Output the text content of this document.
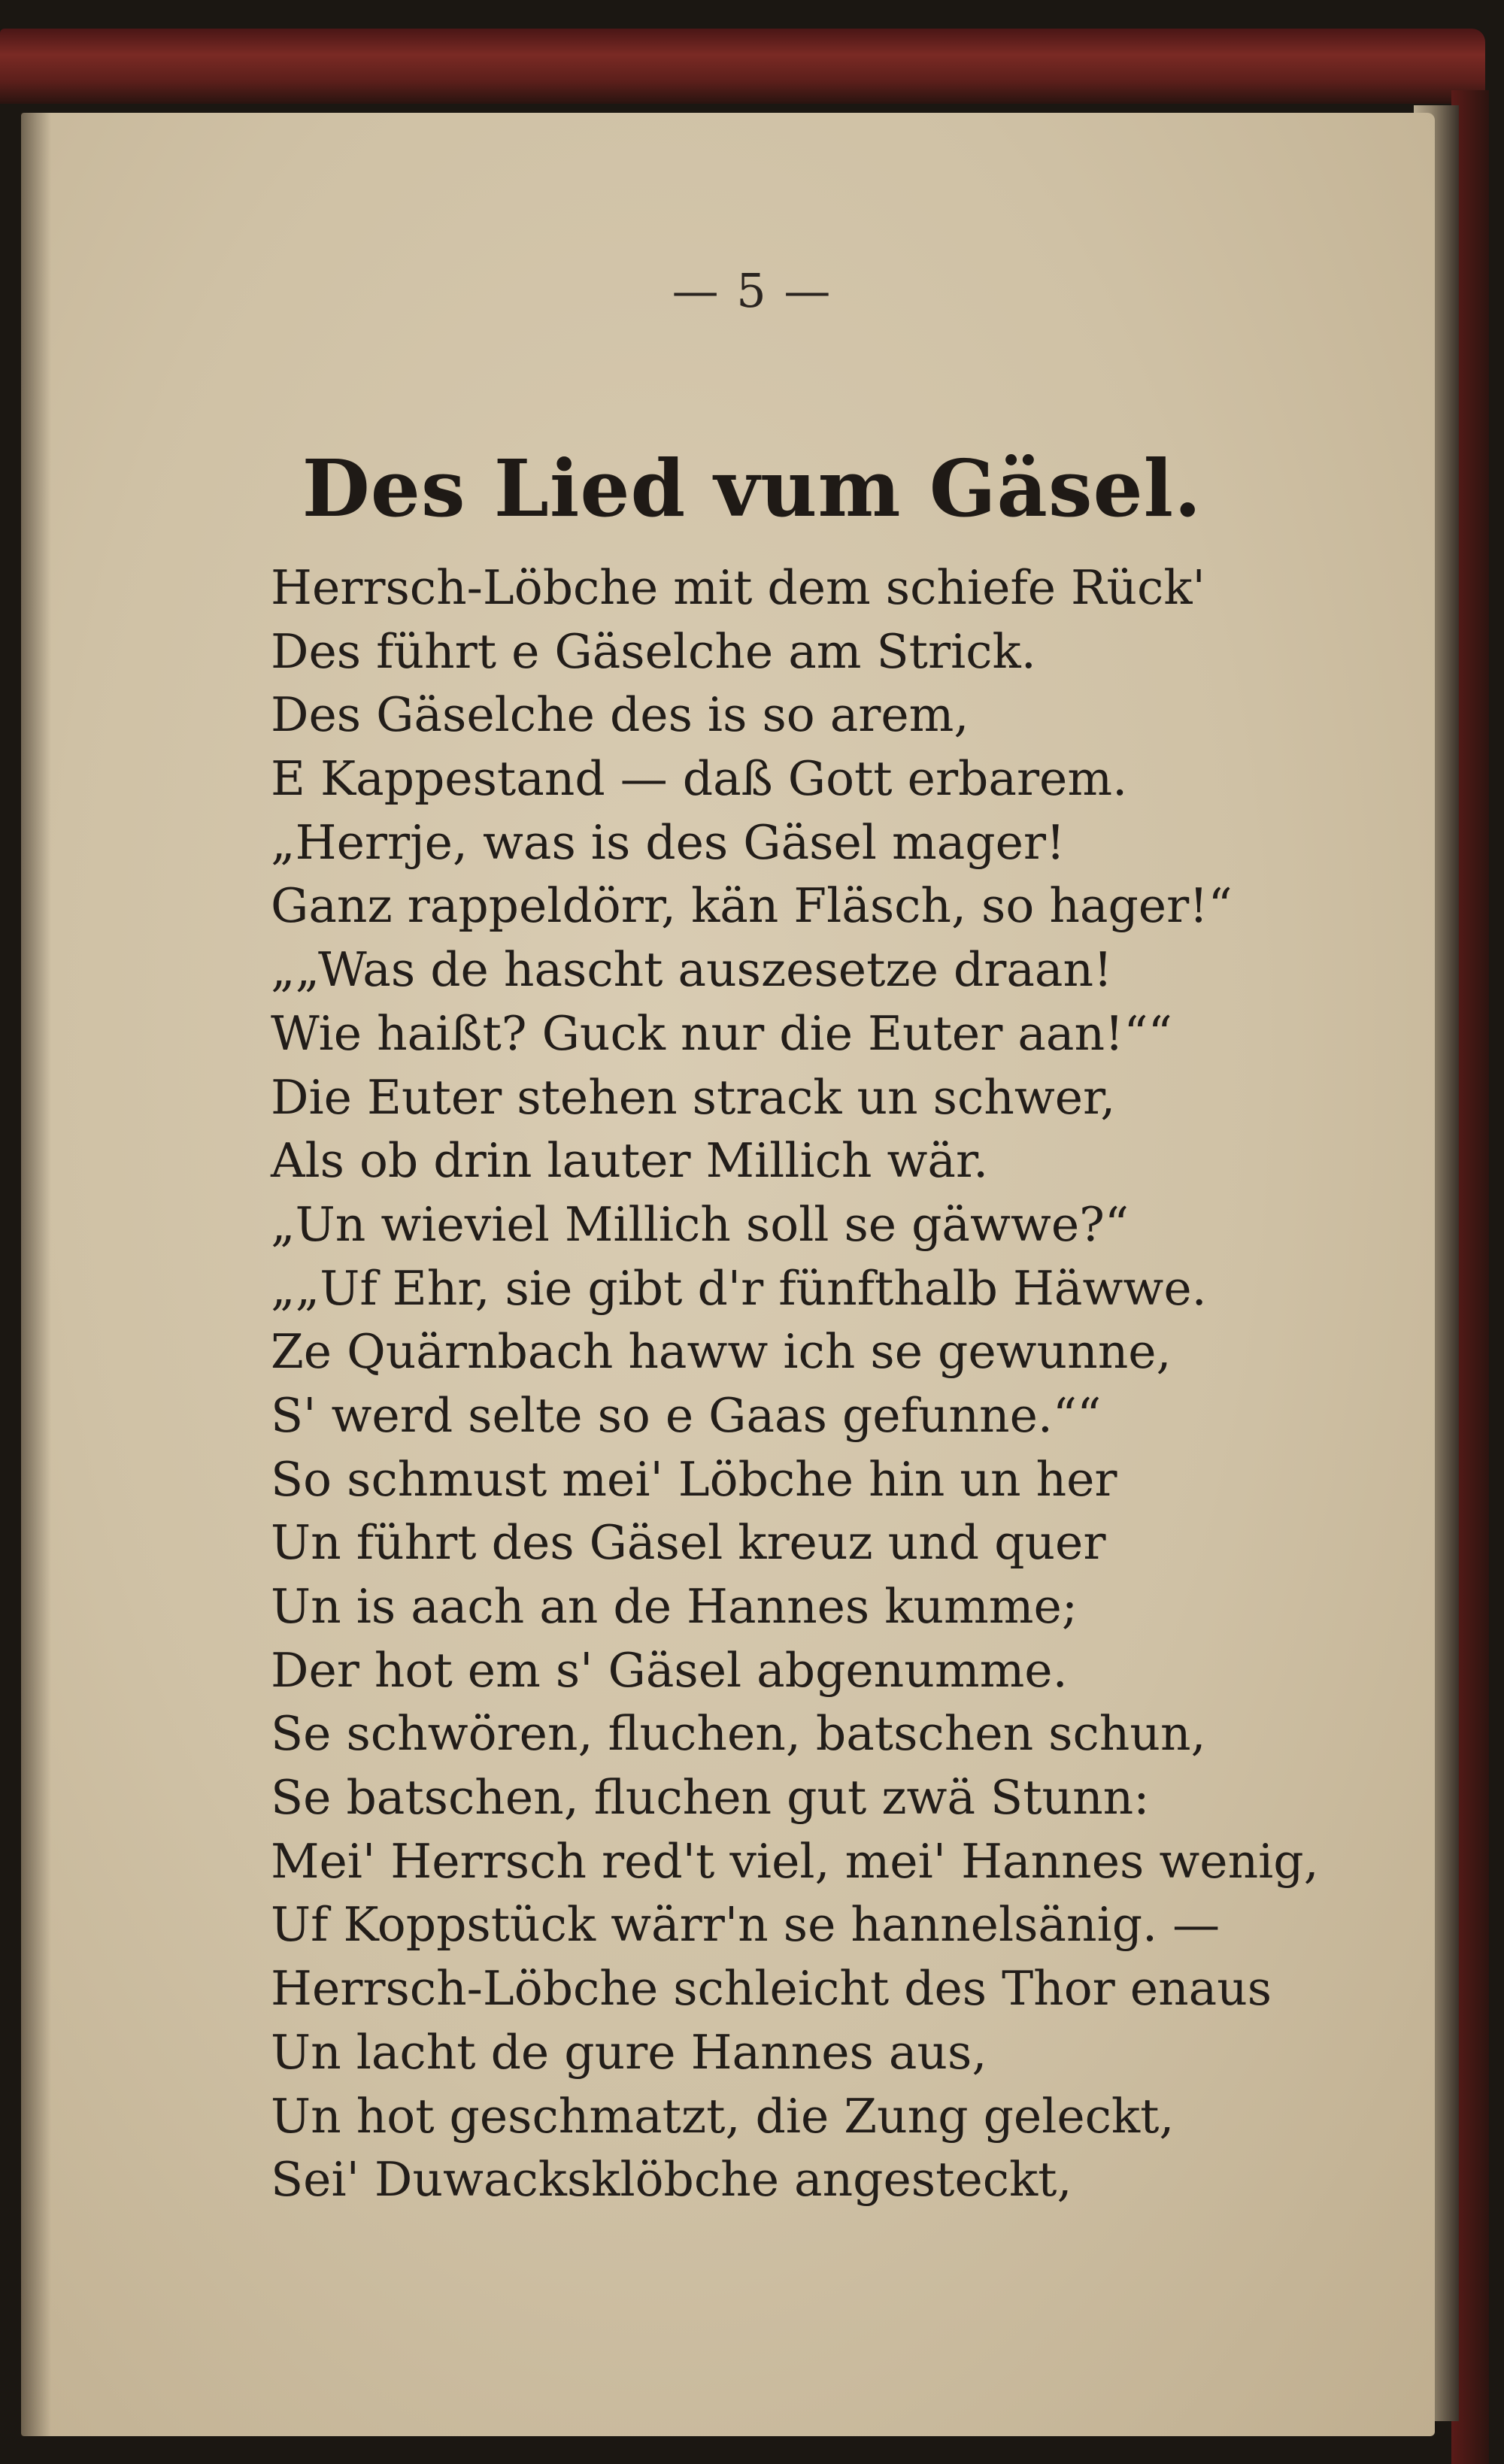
— 5 —
Des Lied vum Gäsel.
Herrsch-Löbche mit dem schiefe Rück'
Des führt e Gäselche am Strick.
Des Gäselche des is so arem,
E Kappestand — daß Gott erbarem.
„Herrje, was is des Gäsel mager!
Ganz rappeldörr, kän Fläsch, so hager!“
„„Was de hascht auszesetze draan!
Wie haißt? Guck nur die Euter aan!““
Die Euter stehen strack un schwer,
Als ob drin lauter Millich wär.
„Un wieviel Millich soll se gäwwe?“
„„Uf Ehr, sie gibt d'r fünfthalb Häwwe.
Ze Quärnbach haww ich se gewunne,
S' werd selte so e Gaas gefunne.““
So schmust mei' Löbche hin un her
Un führt des Gäsel kreuz und quer
Un is aach an de Hannes kumme;
Der hot em s' Gäsel abgenumme.
Se schwören, fluchen, batschen schun,
Se batschen, fluchen gut zwä Stunn:
Mei' Herrsch red't viel, mei' Hannes wenig,
Uf Koppstück wärr'n se hannelsänig. —
Herrsch-Löbche schleicht des Thor enaus
Un lacht de gure Hannes aus,
Un hot geschmatzt, die Zung geleckt,
Sei' Duwacksklöbche angesteckt,
